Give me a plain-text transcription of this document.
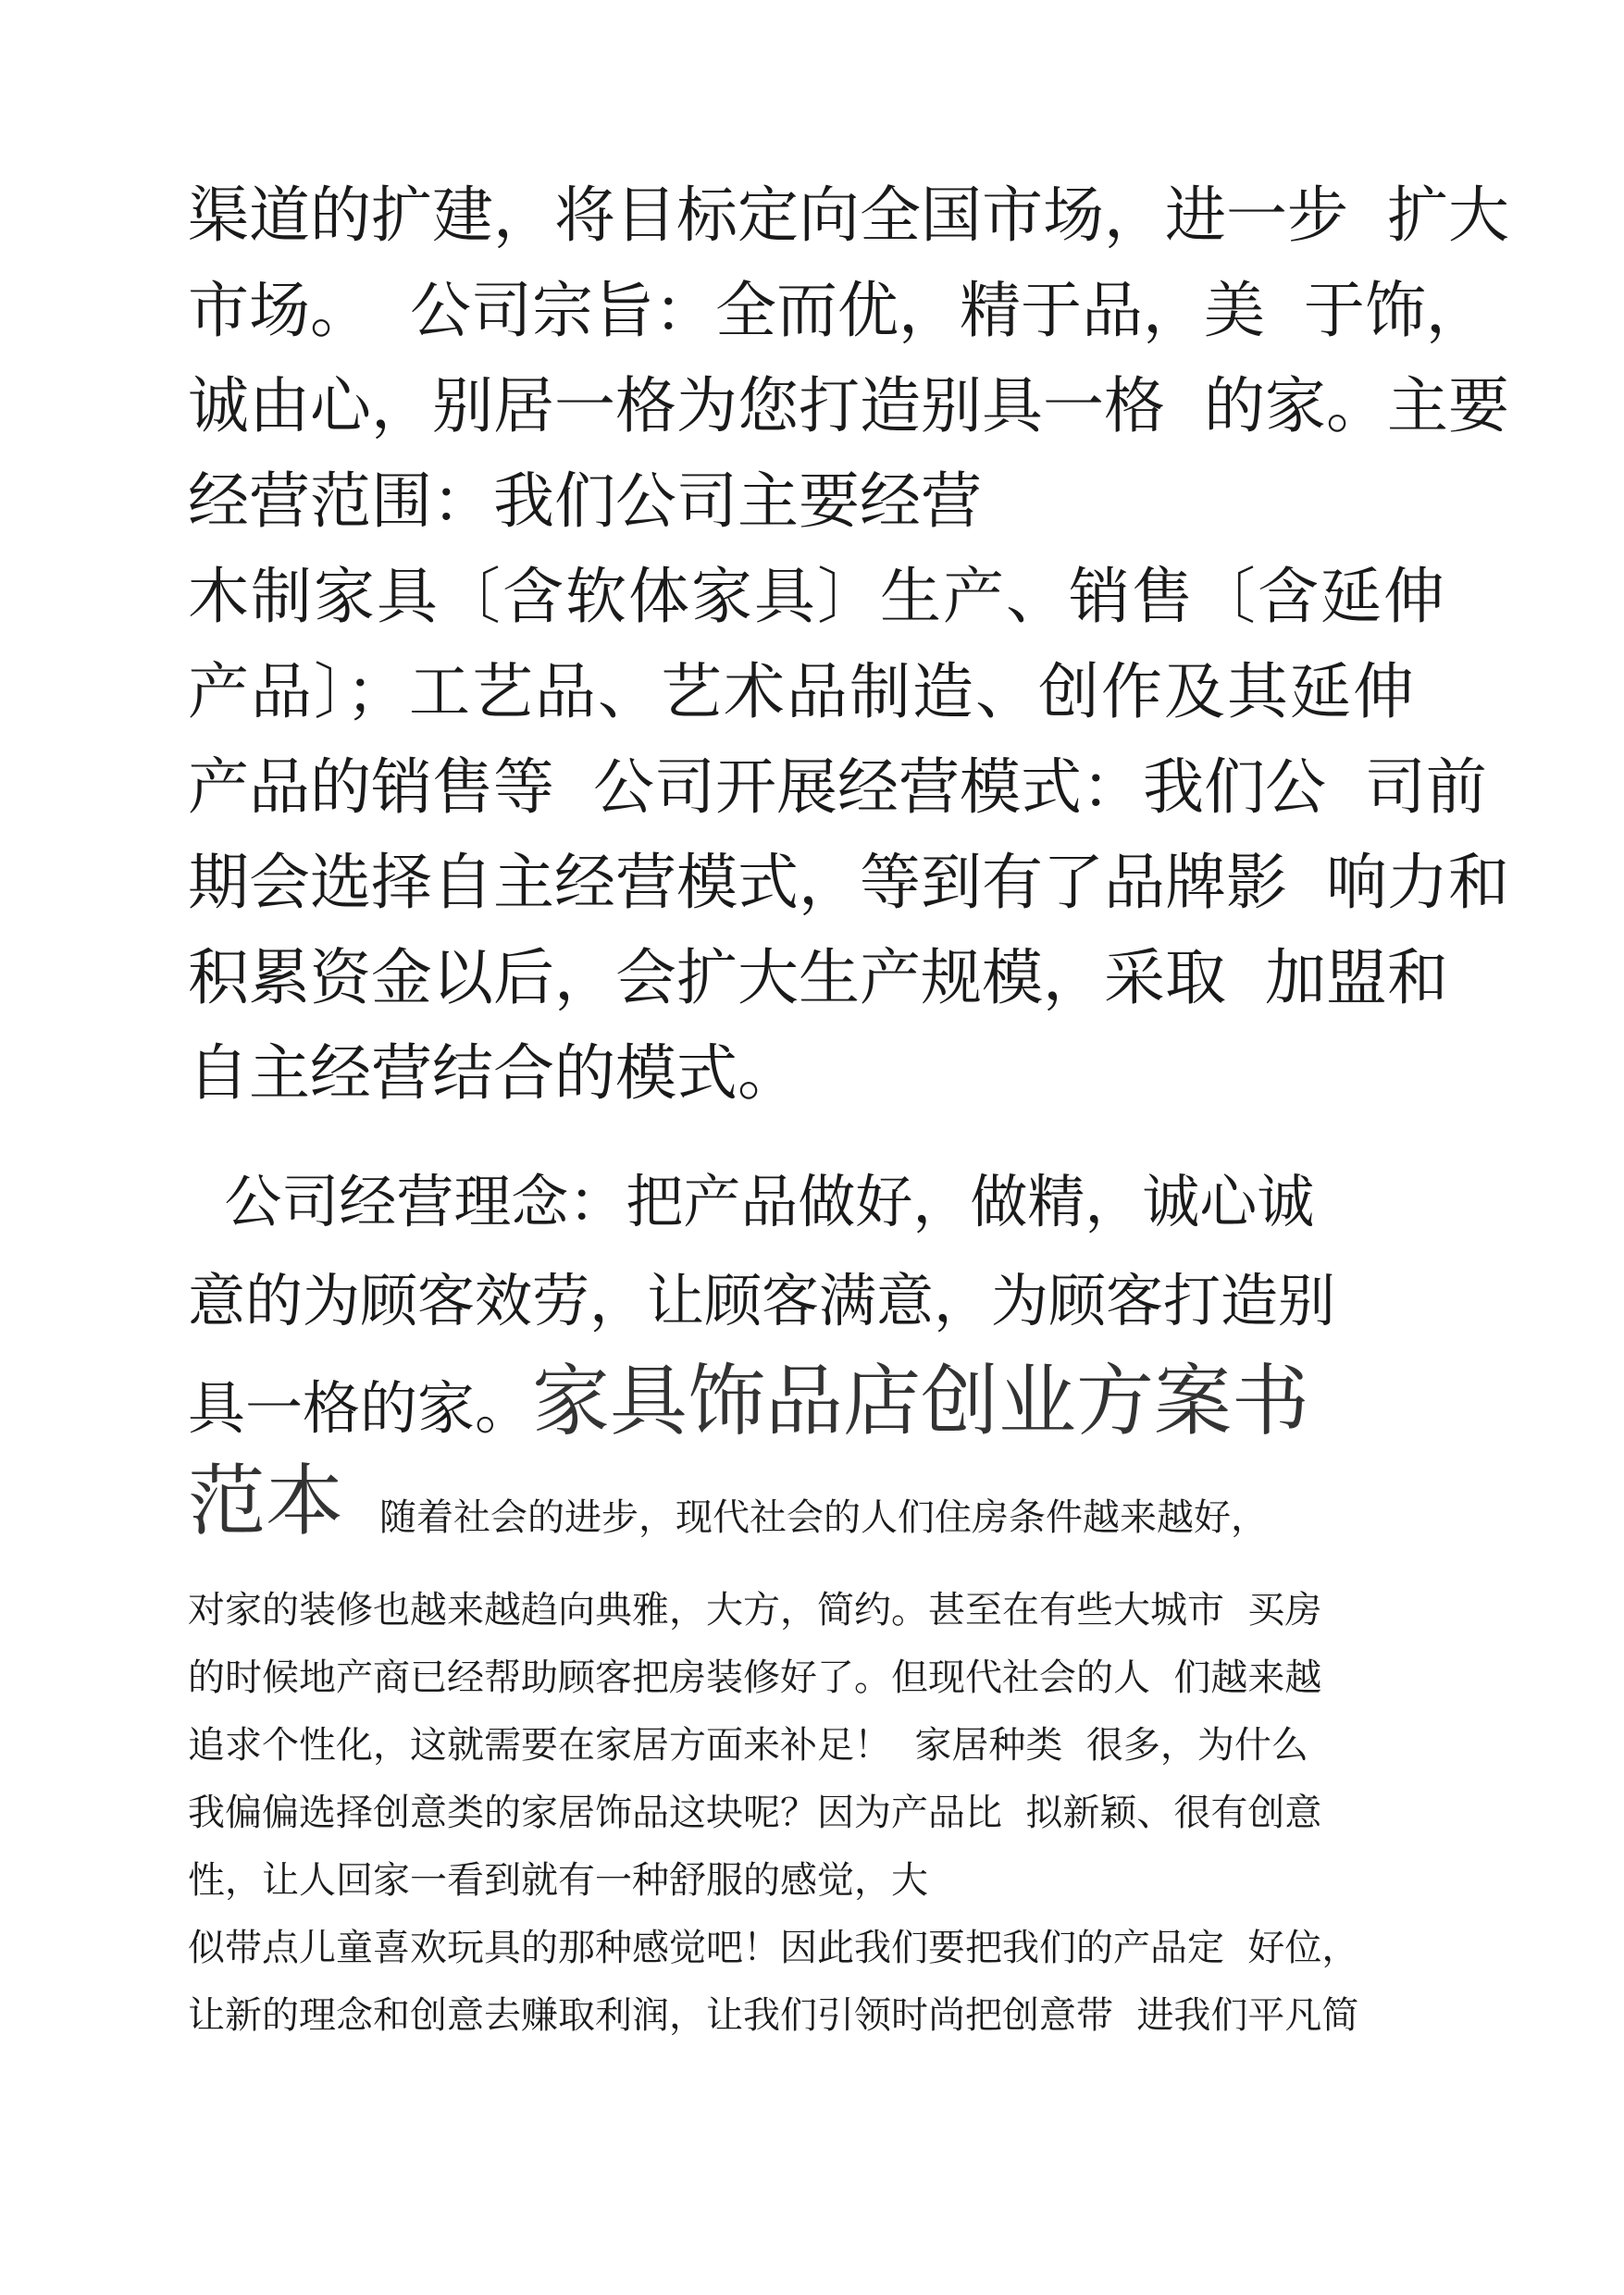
渠道的扩建，将目标定向全国市场，进一步  扩大
市场。  公司宗旨：全而优，精于品，美  于饰，
诚由心，别居一格为您打造别具一格  的家。主要
经营范围：我们公司主要经营
木制家具〔含软体家具〕生产、销售〔含延伸
产品〕；工艺品、艺术品制造、创作及其延伸
产品的销售等  公司开展经营模式：我们公  司前
期会选择自主经营模式，等到有了品牌影  响力和
积累资金以后，会扩大生产规模，采取  加盟和
自主经营结合的模式。
公司经营理念：把产品做好，做精，诚心诚
意的为顾客效劳，让顾客满意，为顾客打造别
具一格的家。家具饰品店创业方案书
范本 随着社会的进步，现代社会的人们住房条件越来越好，
对家的装修也越来越趋向典雅，大方，简约。甚至在有些大城市  买房
的时候地产商已经帮助顾客把房装修好了。但现代社会的人  们越来越
追求个性化，这就需要在家居方面来补足！  家居种类  很多，为什么
我偏偏选择创意类的家居饰品这块呢？因为产品比  拟新颖、很有创意
性，让人回家一看到就有一种舒服的感觉，大
似带点儿童喜欢玩具的那种感觉吧！因此我们要把我们的产品定  好位，
让新的理念和创意去赚取利润，让我们引领时尚把创意带  进我们平凡简
